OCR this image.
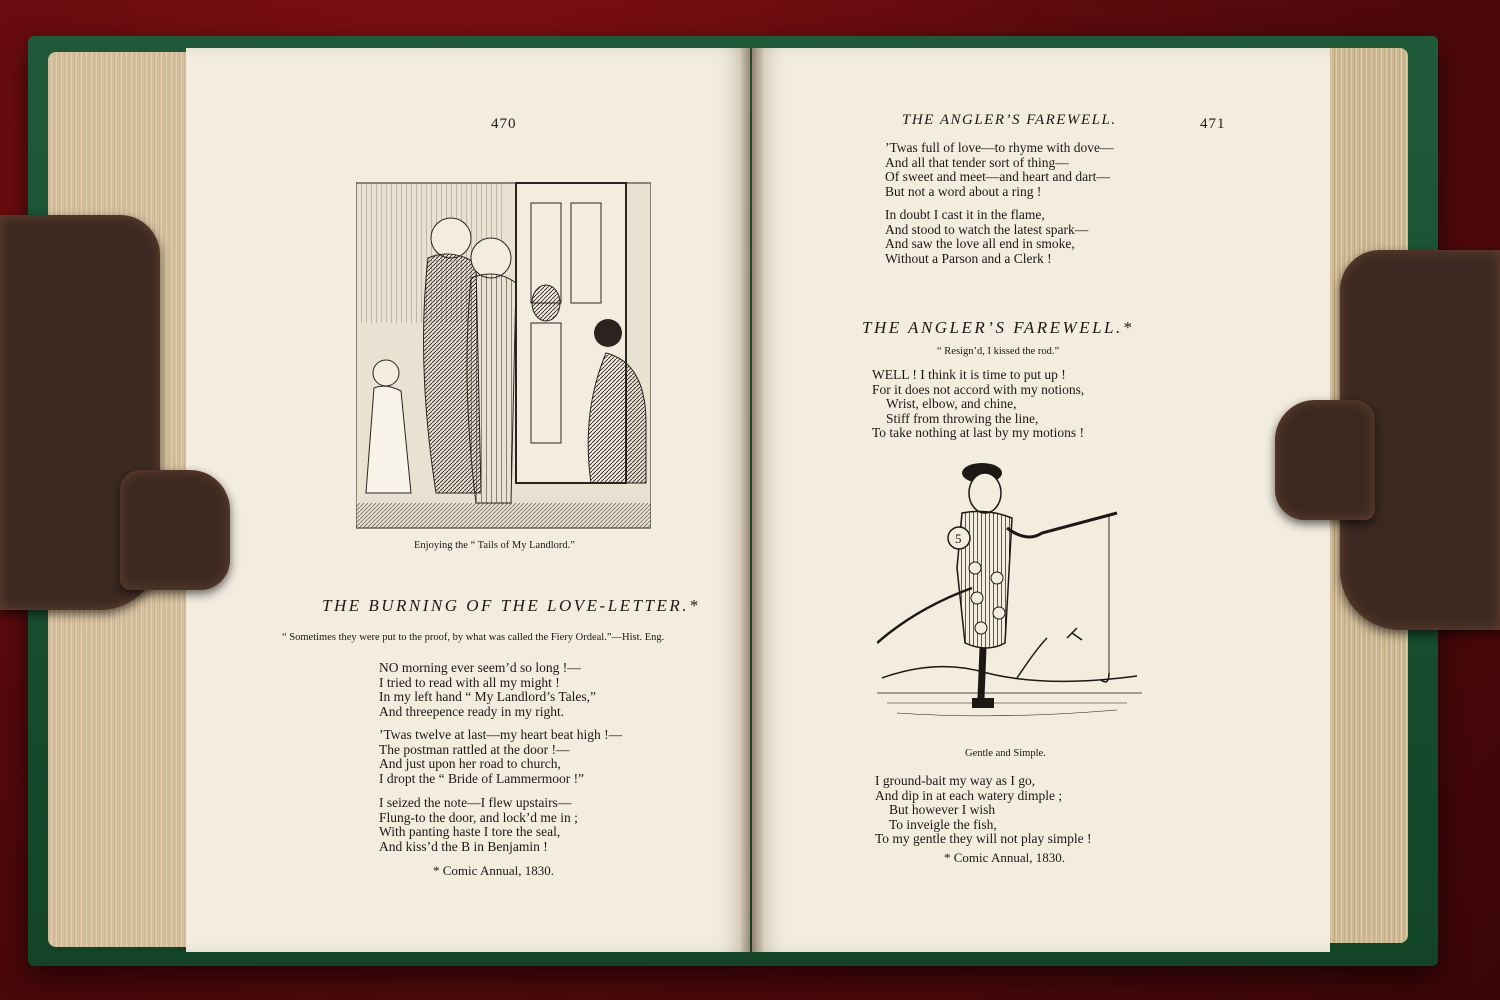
470

Enjoying the “ Tails of My Landlord.”

THE BURNING OF THE LOVE-LETTER.*

“ Sometimes they were put to the proof, by what was called the Fiery Ordeal.”—Hist. Eng.

NO morning ever seem’d so long !—
I tried to read with all my might !
In my left hand “ My Landlord’s Tales,”
And threepence ready in my right.
’Twas twelve at last—my heart beat high !—
The postman rattled at the door !—
And just upon her road to church,
I dropt the “ Bride of Lammermoor !”
I seized the note—I flew upstairs—
Flung-to the door, and lock’d me in ;
With panting haste I tore the seal,
And kiss’d the B in Benjamin !

* Comic Annual, 1830.

THE ANGLER’S FAREWELL.	471

’Twas full of love—to rhyme with dove—
And all that tender sort of thing—
Of sweet and meet—and heart and dart—
But not a word about a ring !
In doubt I cast it in the flame,
And stood to watch the latest spark—
And saw the love all end in smoke,
Without a Parson and a Clerk !

THE ANGLER’S FAREWELL.*

“ Resign’d, I kissed the rod.”

WELL ! I think it is time to put up !
For it does not accord with my notions,
Wrist, elbow, and chine,
Stiff from throwing the line,
To take nothing at last by my motions !
5

Gentle and Simple.

I ground-bait my way as I go,
And dip in at each watery dimple ;
But however I wish
To inveigle the fish,
To my gentle they will not play simple !

* Comic Annual, 1830.
